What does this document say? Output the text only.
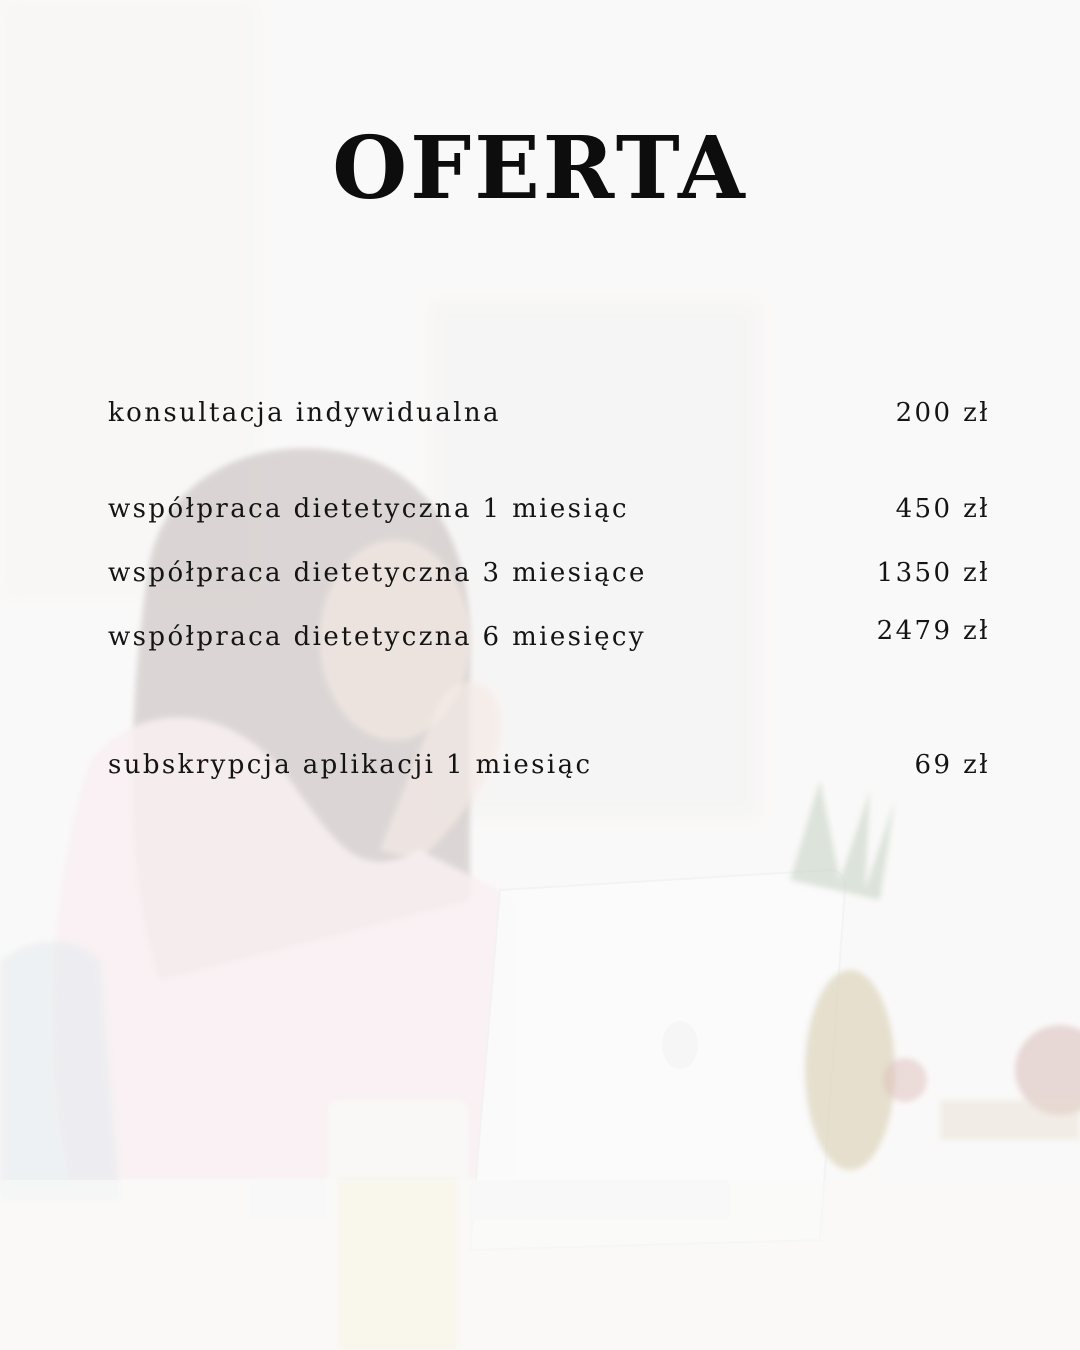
OFERTA
konsultacja indywidualna	200 zł
współpraca dietetyczna 1 miesiąc	450 zł
współpraca dietetyczna 3 miesiące	1350 zł
współpraca dietetyczna 6 miesięcy	2479 zł
subskrypcja aplikacji 1 miesiąc	69 zł
